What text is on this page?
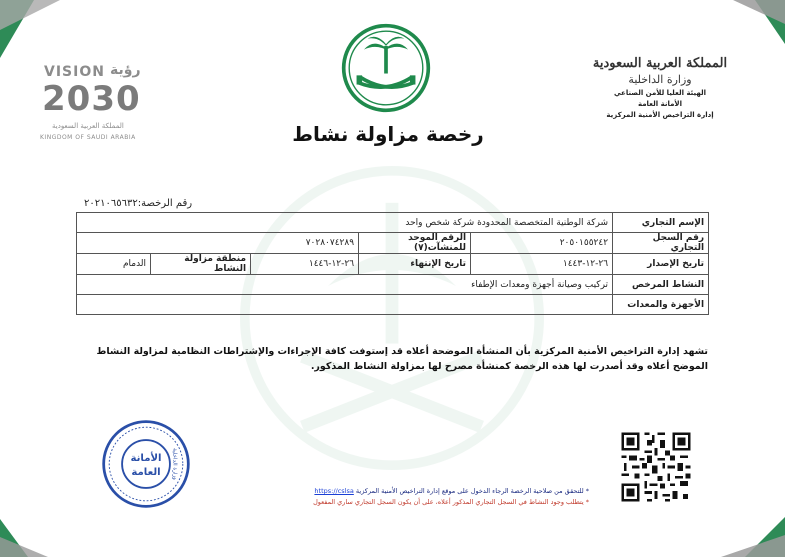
المملكة العربية السعودية
وزارة الداخلية
الهيئة العليا للأمن الصناعي
الأمانة العامة
إدارة التراخيص الأمنية المركزية
رخصة مزاولة نشاط
VISION رؤية
2030
المملكة العربية السعودية
KINGDOM OF SAUDI ARABIA
رقم الرخصة:٢٠٢١٠٦٥٦٣٢
الإسم التجاري	شركة الوطنية المتخصصة المحدودة شركة شخص واحد				
رقم السجل التجاري	٢٠٥٠١٥٥٢٤٢	الرقم الموحد للمنشآت(٧)	٧٠٢٨٠٧٤٢٨٩		
تاريخ الإصدار	٢٦-١٢-١٤٤٣	تاريخ الإنتهاء	٢٦-١٢-١٤٤٦	منطقة مزاولة النشاط	الدمام
النشاط المرخص	تركيب وصيانة أجهزة ومعدات الإطفاء				
الأجهزة والمعدات					
تشهد إدارة التراخيص الأمنية المركزية بأن المنشأة الموضحة أعلاه قد إستوفت كافة الإجراءات والإشتراطات النظامية لمزاولة النشاط الموضح أعلاه وقد أصدرت لها هذه الرخصة كمنشأة مصرح لها بمزاولة النشاط المذكور.
الأمانة
العامة وزارة الداخلية
* للتحقق من صلاحية الرخصة الرجاء الدخول على موقع إدارة التراخيص الأمنية المركزية https://cslsa
* يتطلب وجود النشاط في السجل التجاري المذكور أعلاه، على أن يكون السجل التجاري ساري المفعول
